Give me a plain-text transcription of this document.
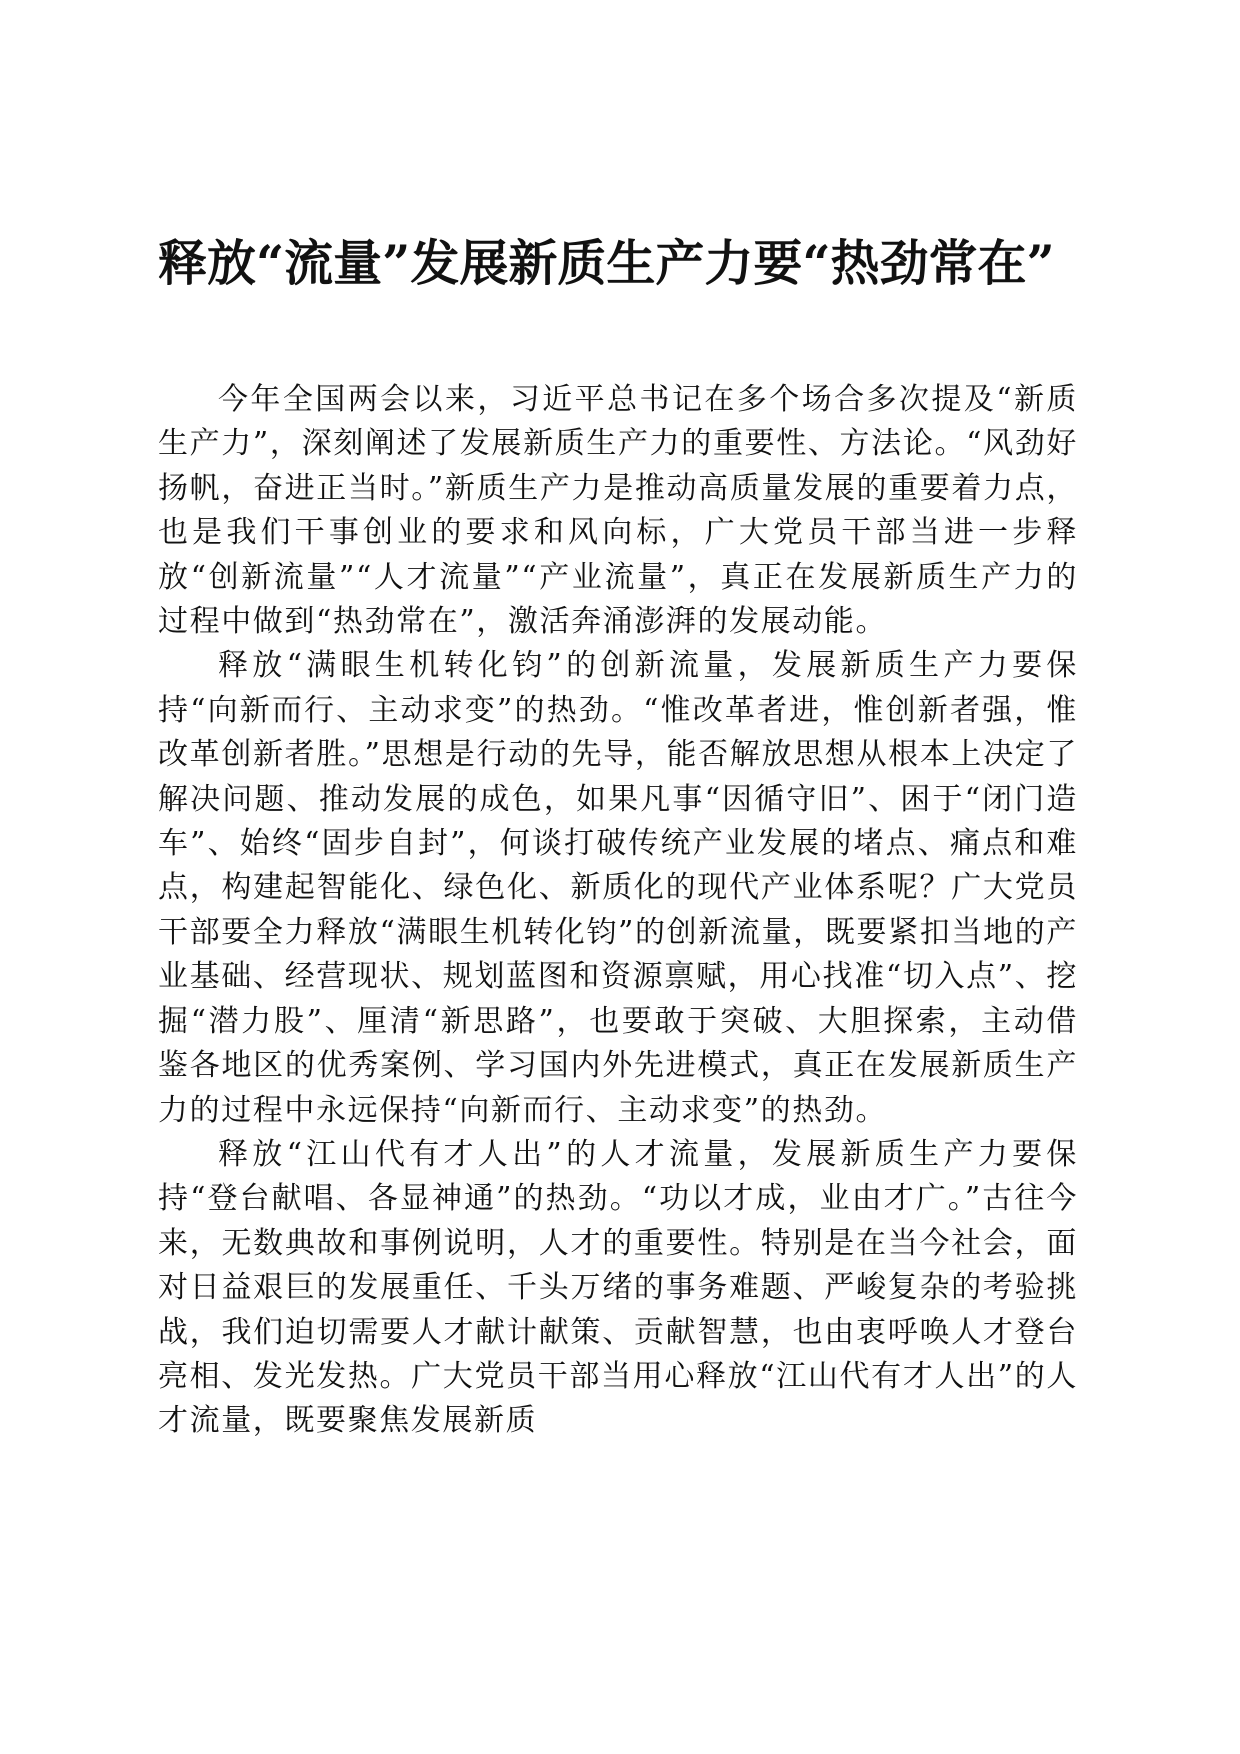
释放“流量”发展新质生产力要“热劲常在”

今年全国两会以来，习近平总书记在多个场合多次提及“新质生产力”，深刻阐述了发展新质生产力的重要性、方法论。“风劲好扬帆，奋进正当时。”新质生产力是推动高质量发展的重要着力点，也是我们干事创业的要求和风向标，广大党员干部当进一步释放“创新流量”“人才流量”“产业流量”，真正在发展新质生产力的过程中做到“热劲常在”，激活奔涌澎湃的发展动能。

释放“满眼生机转化钧”的创新流量，发展新质生产力要保持“向新而行、主动求变”的热劲。“惟改革者进，惟创新者强，惟改革创新者胜。”思想是行动的先导，能否解放思想从根本上决定了解决问题、推动发展的成色，如果凡事“因循守旧”、困于“闭门造车”、始终“固步自封”，何谈打破传统产业发展的堵点、痛点和难点，构建起智能化、绿色化、新质化的现代产业体系呢？广大党员干部要全力释放“满眼生机转化钧”的创新流量，既要紧扣当地的产业基础、经营现状、规划蓝图和资源禀赋，用心找准“切入点”、挖掘“潜力股”、厘清“新思路”，也要敢于突破、大胆探索，主动借鉴各地区的优秀案例、学习国内外先进模式，真正在发展新质生产力的过程中永远保持“向新而行、主动求变”的热劲。

释放“江山代有才人出”的人才流量，发展新质生产力要保持“登台献唱、各显神通”的热劲。“功以才成，业由才广。”古往今来，无数典故和事例说明，人才的重要性。特别是在当今社会，面对日益艰巨的发展重任、千头万绪的事务难题、严峻复杂的考验挑战，我们迫切需要人才献计献策、贡献智慧，也由衷呼唤人才登台亮相、发光发热。广大党员干部当用心释放“江山代有才人出”的人才流量，既要聚焦发展新质
